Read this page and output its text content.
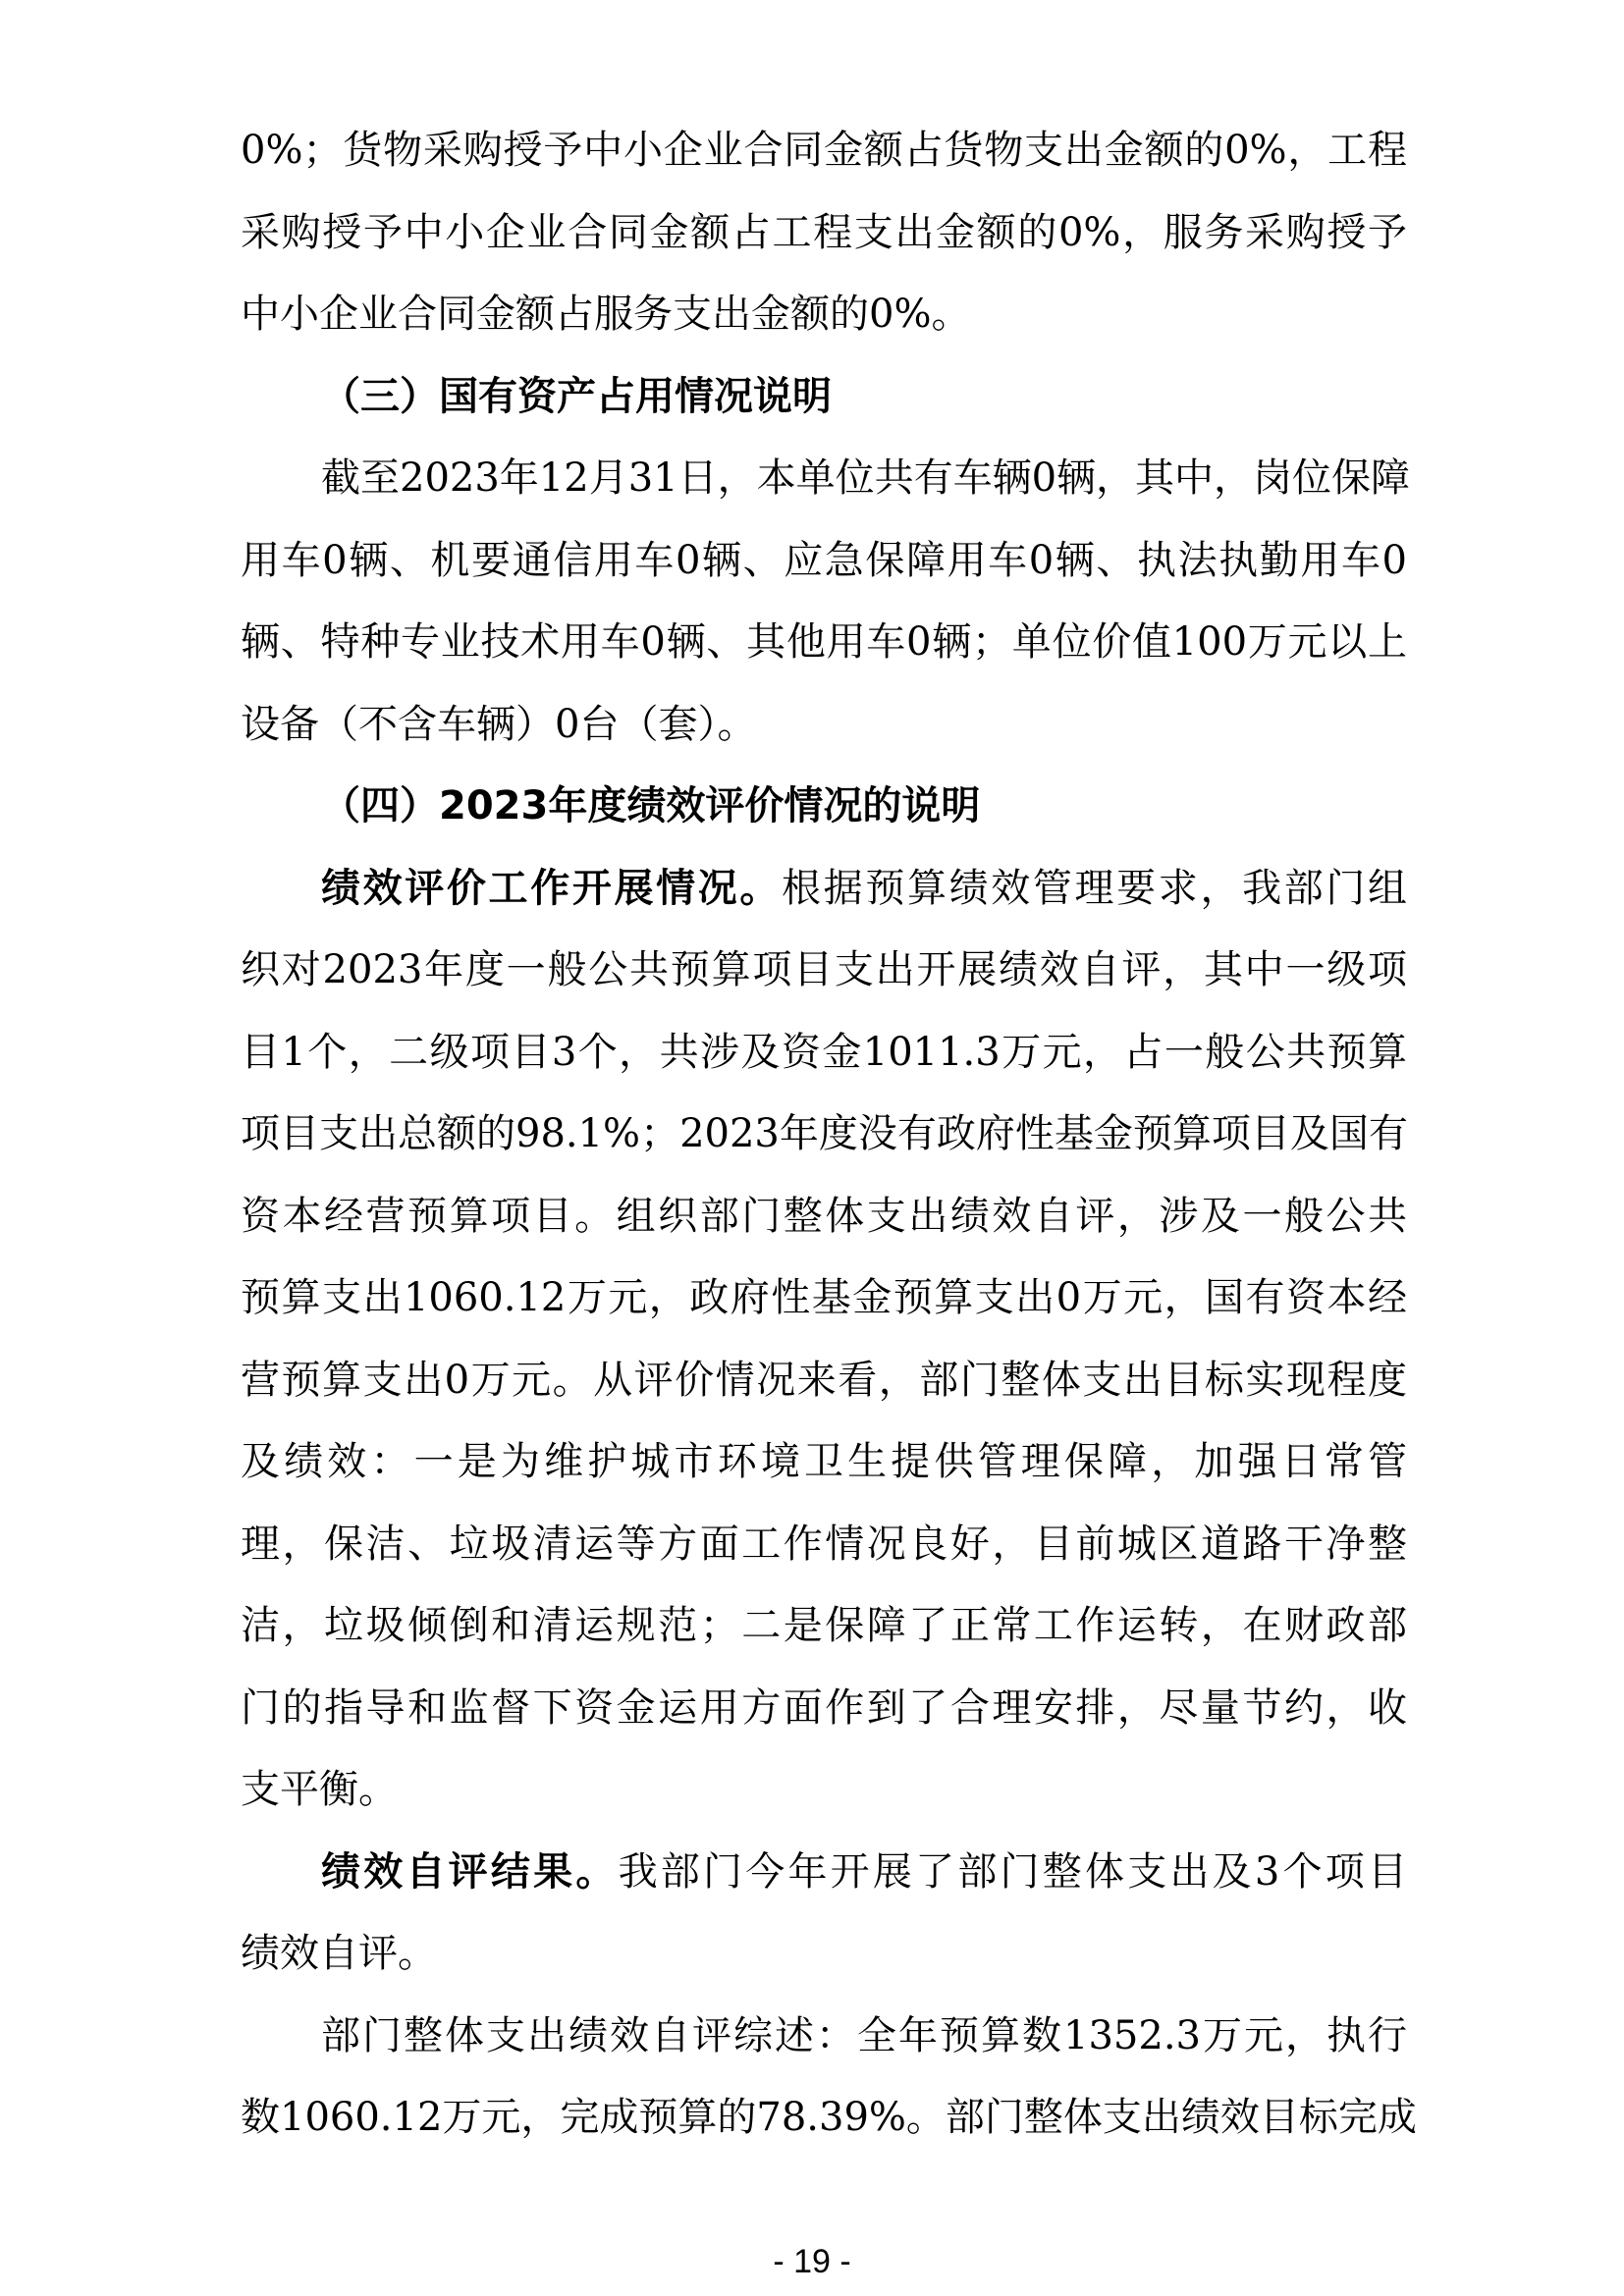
0%；货物采购授予中小企业合同金额占货物支出金额的0%，工程
采购授予中小企业合同金额占工程支出金额的0%，服务采购授予
中小企业合同金额占服务支出金额的0%。
（三）国有资产占用情况说明
截至2023年12月31日，本单位共有车辆0辆，其中，岗位保障
用车0辆、机要通信用车0辆、应急保障用车0辆、执法执勤用车0
辆、特种专业技术用车0辆、其他用车0辆；单位价值100万元以上
设备（不含车辆）0台（套）。
（四）2023年度绩效评价情况的说明
绩效评价工作开展情况。根据预算绩效管理要求，我部门组
织对2023年度一般公共预算项目支出开展绩效自评，其中一级项
目1个，二级项目3个，共涉及资金1011.3万元，占一般公共预算
项目支出总额的98.1%；2023年度没有政府性基金预算项目及国有
资本经营预算项目。组织部门整体支出绩效自评，涉及一般公共
预算支出1060.12万元，政府性基金预算支出0万元，国有资本经
营预算支出0万元。从评价情况来看，部门整体支出目标实现程度
及绩效：一是为维护城市环境卫生提供管理保障，加强日常管
理，保洁、垃圾清运等方面工作情况良好，目前城区道路干净整
洁，垃圾倾倒和清运规范；二是保障了正常工作运转，在财政部
门的指导和监督下资金运用方面作到了合理安排，尽量节约，收
支平衡。
绩效自评结果。我部门今年开展了部门整体支出及3个项目
绩效自评。
部门整体支出绩效自评综述：全年预算数1352.3万元，执行
数1060.12万元，完成预算的78.39%。部门整体支出绩效目标完成
- 19 -
